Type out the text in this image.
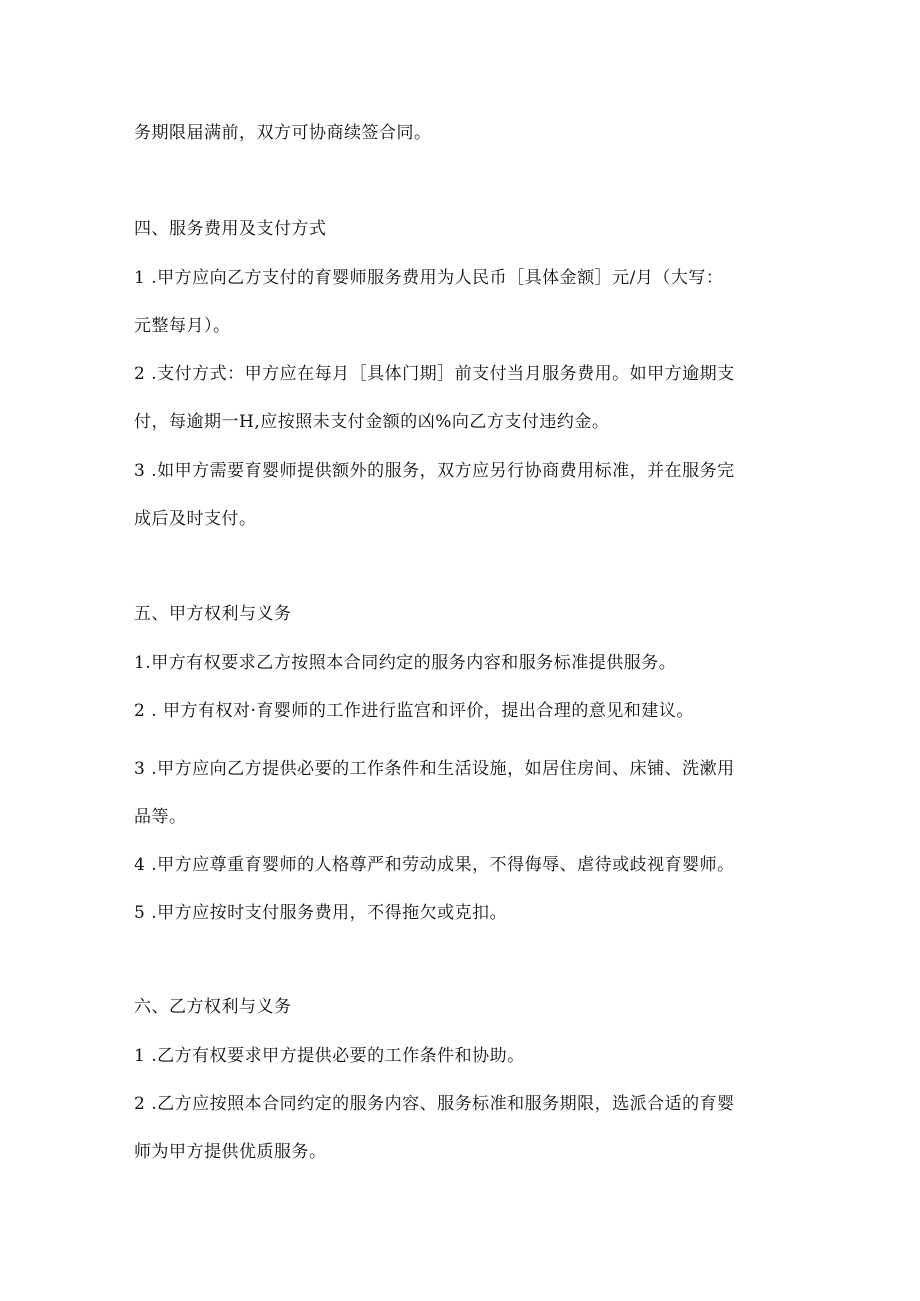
务期限届满前，双方可协商续签合同。
四、服务费用及支付方式
1 .甲方应向乙方支付的育婴师服务费用为人民币［具体金额］元/月（大写：
元整每月）。
2 .支付方式：甲方应在每月［具体门期］前支付当月服务费用。如甲方逾期支
付，每逾期一H,应按照未支付金额的凶%向乙方支付违约金。
3 .如甲方需要育婴师提供额外的服务，双方应另行协商费用标准，并在服务完
成后及时支付。
五、甲方权利与义务
1.甲方有权要求乙方按照本合同约定的服务内容和服务标准提供服务。
2 . 甲方有权对·育婴师的工作进行监宫和评价，提出合理的意见和建议。
3 .甲方应向乙方提供必要的工作条件和生活设施，如居住房间、床铺、洗漱用
品等。
4 .甲方应尊重育婴师的人格尊严和劳动成果，不得侮辱、虐待或歧视育婴师。
5 .甲方应按时支付服务费用，不得拖欠或克扣。
六、乙方权利与义务
1 .乙方有权要求甲方提供必要的工作条件和协助。
2 .乙方应按照本合同约定的服务内容、服务标准和服务期限，选派合适的育婴
师为甲方提供优质服务。
